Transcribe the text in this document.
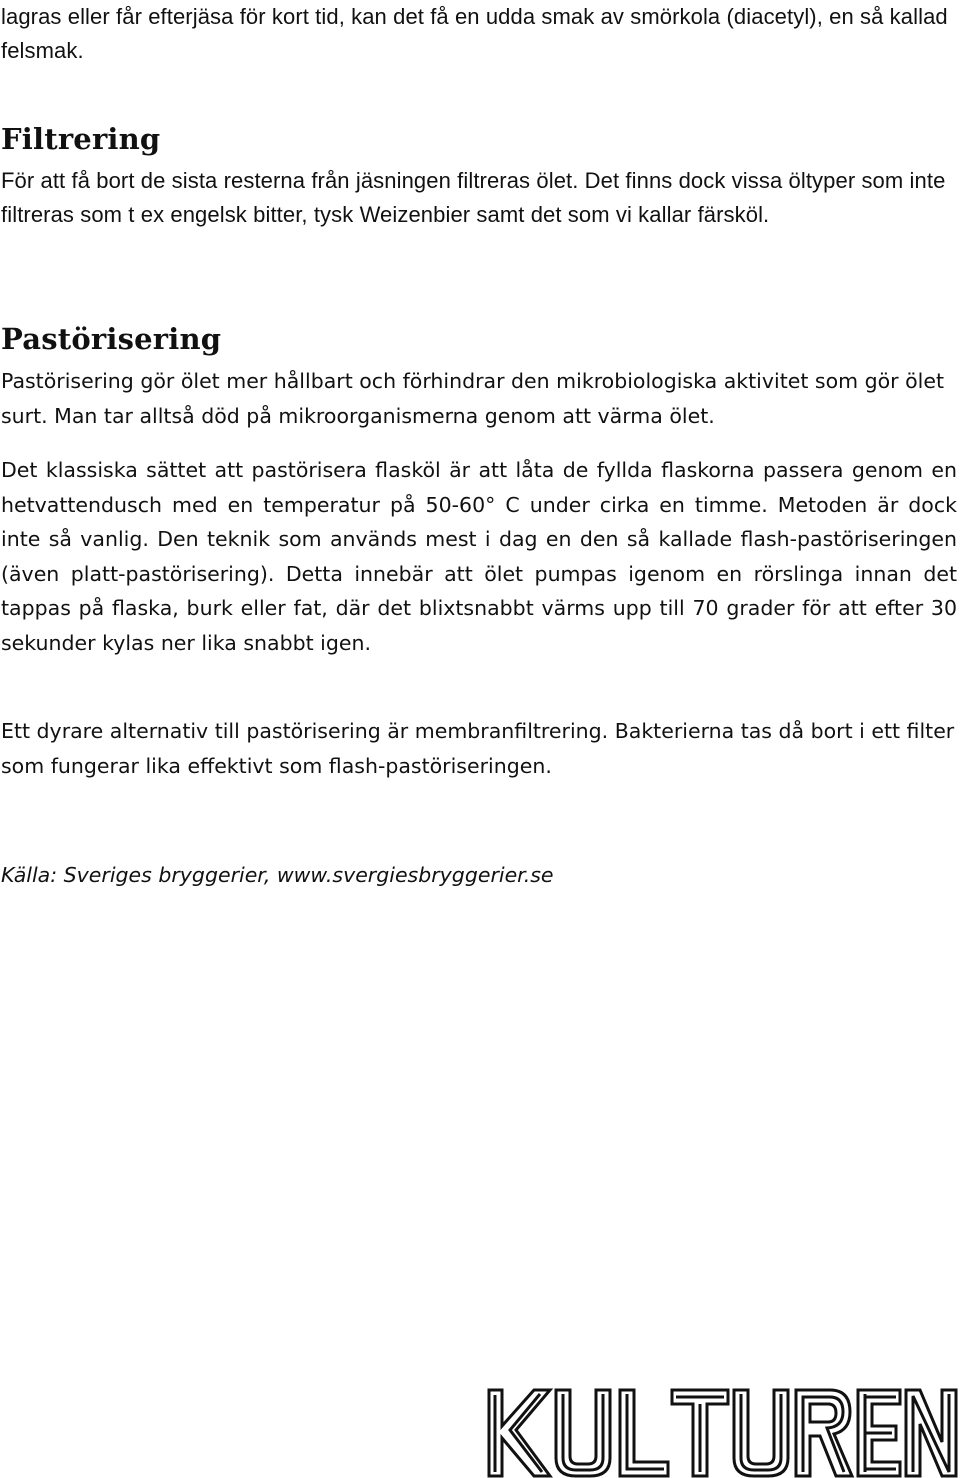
lagras eller får efterjäsa för kort tid, kan det få en udda smak av smörkola (diacetyl), en så kallad felsmak.

Filtrering

För att få bort de sista resterna från jäsningen filtreras ölet. Det finns dock vissa öltyper som inte filtreras som t ex engelsk bitter, tysk Weizenbier samt det som vi kallar färsköl.

Pastörisering

Pastörisering gör ölet mer hållbart och förhindrar den mikrobiologiska aktivitet som gör ölet surt. Man tar alltså död på mikroorganismerna genom att värma ölet.

Det klassiska sättet att pastörisera flasköl är att låta de fyllda flaskorna passera genom en hetvattendusch med en temperatur på 50-60° C under cirka en timme. Metoden är dock inte så vanlig. Den teknik som används mest i dag en den så kallade flash-pastöriseringen (även platt-pastörisering). Detta innebär att ölet pumpas igenom en rörslinga innan det tappas på flaska, burk eller fat, där det blixtsnabbt värms upp till 70 grader för att efter 30 sekunder kylas ner lika snabbt igen.

Ett dyrare alternativ till pastörisering är membranfiltrering. Bakterierna tas då bort i ett filter som fungerar lika effektivt som flash-pastöriseringen.

Källa: Sveriges bryggerier, www.svergiesbryggerier.se
